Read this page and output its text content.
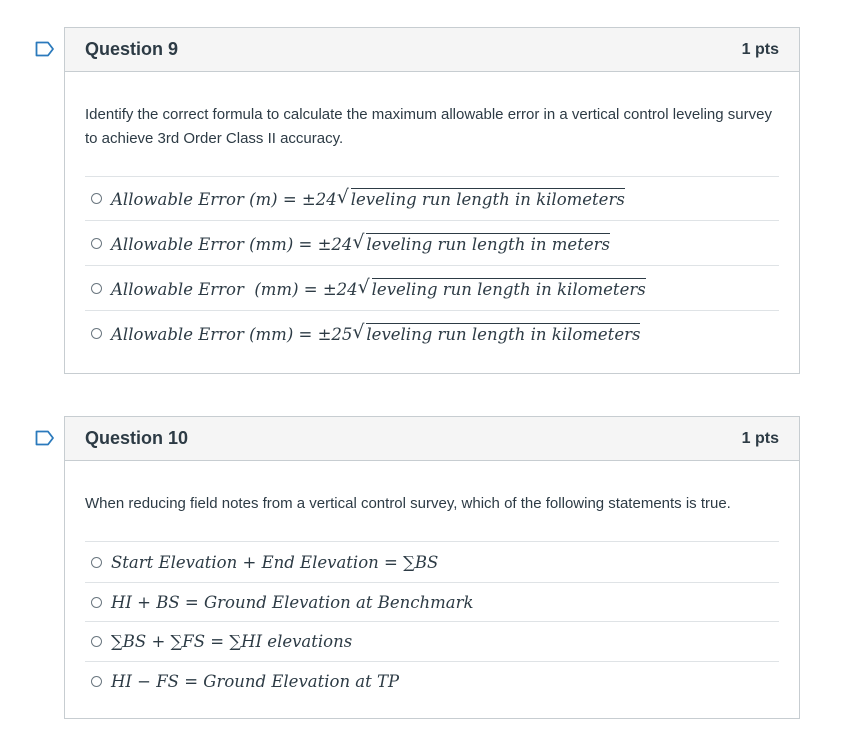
Question 9	1 pts
Identify the correct formula to calculate the maximum allowable error in a vertical control leveling survey to achieve 3rd Order Class II accuracy.
Allowable Error (m) = ±24 √ leveling run length in kilometers
Allowable Error (mm) = ±24 √ leveling run length in meters
Allowable Error  (mm) = ±24 √ leveling run length in kilometers
Allowable Error (mm) = ±25 √ leveling run length in kilometers
Question 10	1 pts
When reducing field notes from a vertical control survey, which of the following statements is true.
Start Elevation + End Elevation = ∑BS
HI + BS = Ground Elevation at Benchmark
∑BS + ∑FS = ∑HI elevations
HI − FS = Ground Elevation at TP
